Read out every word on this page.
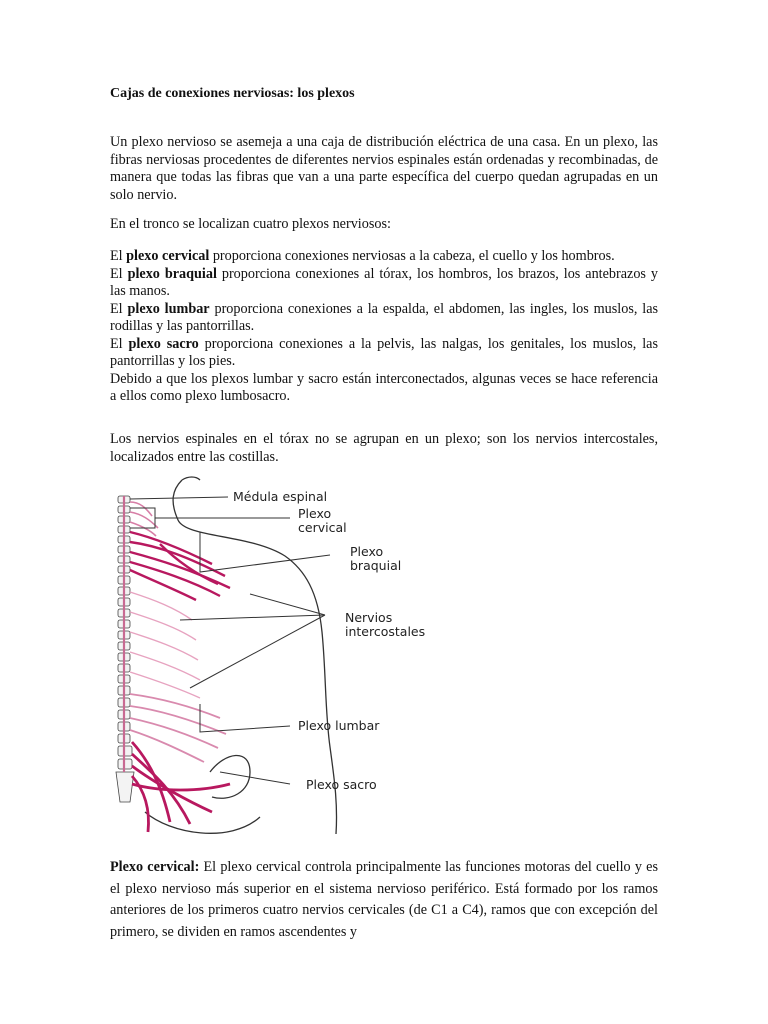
Cajas de conexiones nerviosas: los plexos

Un plexo nervioso se asemeja a una caja de distribución eléctrica de una casa. En un plexo, las fibras nerviosas procedentes de diferentes nervios espinales están ordenadas y recombinadas, de manera que todas las fibras que van a una parte específica del cuerpo quedan agrupadas en un solo nervio.

En el tronco se localizan cuatro plexos nerviosos:

El plexo cervical proporciona conexiones nerviosas a la cabeza, el cuello y los hombros.

El plexo braquial proporciona conexiones al tórax, los hombros, los brazos, los antebrazos y las manos.

El plexo lumbar proporciona conexiones a la espalda, el abdomen, las ingles, los muslos, las rodillas y las pantorrillas.

El plexo sacro proporciona conexiones a la pelvis, las nalgas, los genitales, los muslos, las pantorrillas y los pies.

Debido a que los plexos lumbar y sacro están interconectados, algunas veces se hace referencia a ellos como plexo lumbosacro.

Los nervios espinales en el tórax no se agrupan en un plexo; son los nervios intercostales, localizados entre las costillas.

Médula espinal
Plexo
cervical
Plexo
braquial
Nervios
intercostales
Plexo lumbar
Plexo sacro

Plexo cervical: El plexo cervical controla principalmente las funciones motoras del cuello y es el plexo nervioso más superior en el sistema nervioso periférico. Está formado por los ramos anteriores de los primeros cuatro nervios cervicales (de C1 a C4), ramos que con excepción del primero, se dividen en ramos ascendentes y
